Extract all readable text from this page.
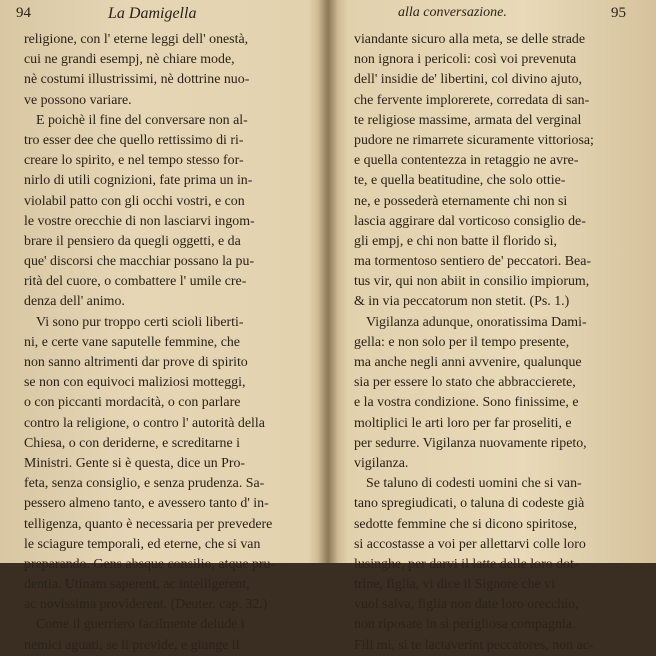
94	La Damigella
religione, con l' eterne leggi dell' onestà,
cui ne grandi esempj, nè chiare mode,
nè costumi illustrissimi, nè dottrine nuo-
ve possono variare.
E poichè il fine del conversare non al-
tro esser dee che quello rettissimo di ri-
creare lo spirito, e nel tempo stesso for-
nirlo di utili cognizioni, fate prima un in-
violabil patto con gli occhi vostri, e con
le vostre orecchie di non lasciarvi ingom-
brare il pensiero da quegli oggetti, e da
que' discorsi che macchiar possano la pu-
rità del cuore, o combattere l' umile cre-
denza dell' animo.
Vi sono pur troppo certi scioli liberti-
ni, e certe vane saputelle femmine, che
non sanno altrimenti dar prove di spirito
se non con equivoci maliziosi motteggi,
o con piccanti mordacità, o con parlare
contro la religione, o contro l' autorità della
Chiesa, o con deriderne, e screditarne i
Ministri. Gente si è questa, dice un Pro-
feta, senza consiglio, e senza prudenza. Sa-
pessero almeno tanto, e avessero tanto d' in-
telligenza, quanto è necessaria per prevedere
le sciagure temporali, ed eterne, che si van
preparando. Gens absque consilio, atque pru-
dentia. Utinam saperent, ac intelligerent,
ac novissima providerent. (Deuter. cap. 32.)
Come il guerriero facilmente delude i
nemici aguati, se li previde, e giunge il
alla conversazione.	95
viandante sicuro alla meta, se delle strade
non ignora i pericoli: così voi prevenuta
dell' insidie de' libertini, col divino ajuto,
che fervente implorerete, corredata di san-
te religiose massime, armata del verginal
pudore ne rimarrete sicuramente vittoriosa;
e quella contentezza in retaggio ne avre-
te, e quella beatitudine, che solo ottie-
ne, e possederà eternamente chi non si
lascia aggirare dal vorticoso consiglio de-
gli empj, e chi non batte il florido sì,
ma tormentoso sentiero de' peccatori. Bea-
tus vir, qui non abiit in consilio impiorum,
& in via peccatorum non stetit. (Ps. 1.)
Vigilanza adunque, onoratissima Dami-
gella: e non solo per il tempo presente,
ma anche negli anni avvenire, qualunque
sia per essere lo stato che abbraccierete,
e la vostra condizione. Sono finissime, e
moltiplici le arti loro per far proseliti, e
per sedurre. Vigilanza nuovamente ripeto,
vigilanza.
Se taluno di codesti uomini che si van-
tano spregiudicati, o taluna di codeste già
sedotte femmine che si dicono spiritose,
si accostasse a voi per allettarvi colle loro
lusinghe, per darvi il latte delle loro dot-
trine, figlia, vi dice il Signore che vi
vuol salva, figlia non date loro orecchio,
non riposate in sì perigliosa compagnia.
Fili mi, si te lactaverint peccatores, non ac-
